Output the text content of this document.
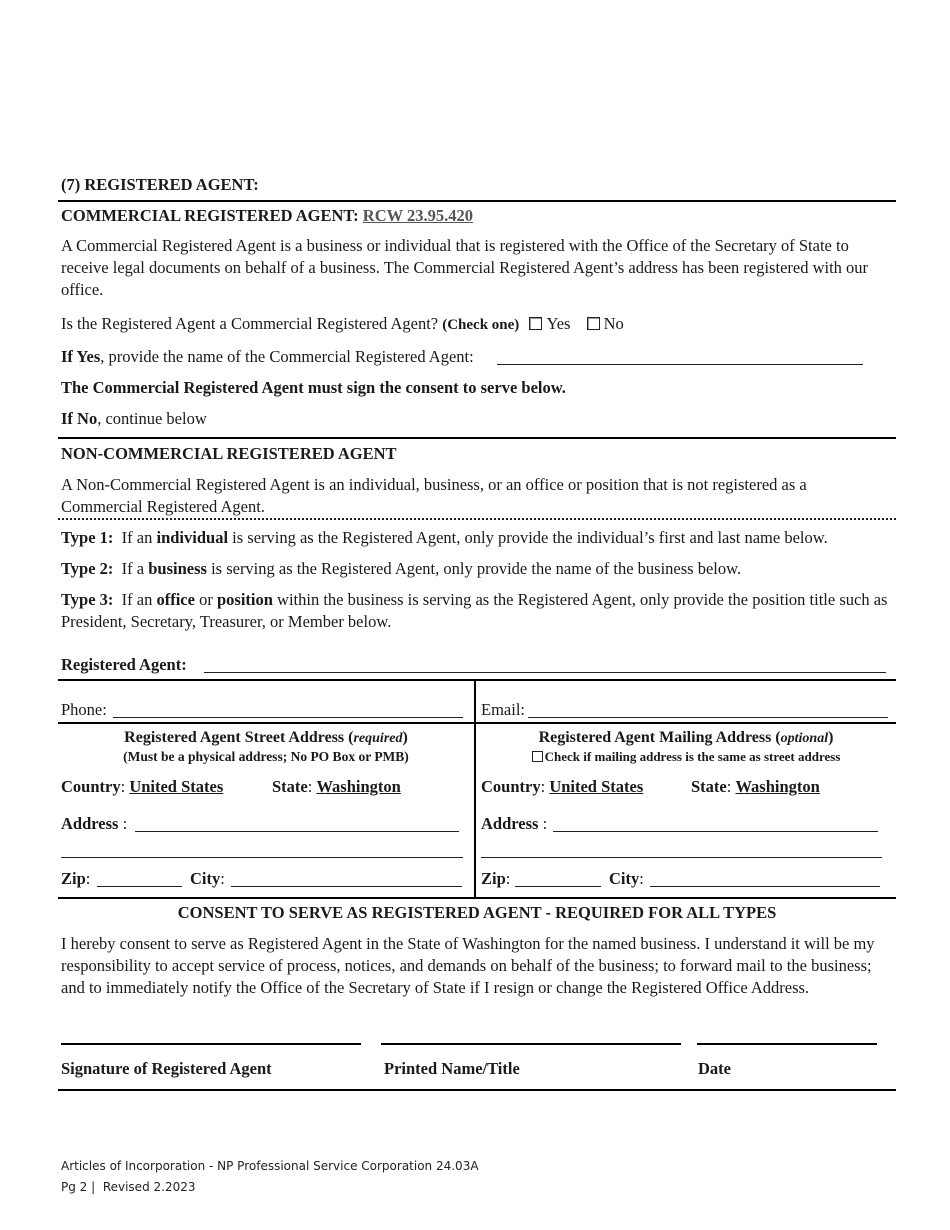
(7) REGISTERED AGENT:
COMMERCIAL REGISTERED AGENT: RCW 23.95.420
A Commercial Registered Agent is a business or individual that is registered with the Office of the Secretary of State to receive legal documents on behalf of a business. The Commercial Registered Agent’s address has been registered with our office.
Is the Registered Agent a Commercial Registered Agent? (Check one) Yes No
If Yes, provide the name of the Commercial Registered Agent:
The Commercial Registered Agent must sign the consent to serve below.
If No, continue below
NON-COMMERCIAL REGISTERED AGENT
A Non-Commercial Registered Agent is an individual, business, or an office or position that is not registered as a Commercial Registered Agent.
Type 1: If an individual is serving as the Registered Agent, only provide the individual’s first and last name below.
Type 2: If a business is serving as the Registered Agent, only provide the name of the business below.
Type 3: If an office or position within the business is serving as the Registered Agent, only provide the position title such as President, Secretary, Treasurer, or Member below.
Registered Agent:
Phone:	Email:
Registered Agent Street Address (required)
(Must be a physical address; No PO Box or PMB)
Country: United States	State: Washington
Address :
Zip:	City:
Registered Agent Mailing Address (optional)
Check if mailing address is the same as street address
Country: United States	State: Washington
Address :
Zip:	City:
CONSENT TO SERVE AS REGISTERED AGENT - REQUIRED FOR ALL TYPES
I hereby consent to serve as Registered Agent in the State of Washington for the named business. I understand it will be my responsibility to accept service of process, notices, and demands on behalf of the business; to forward mail to the business; and to immediately notify the Office of the Secretary of State if I resign or change the Registered Office Address.
Signature of Registered Agent	Printed Name/Title	Date
Articles of Incorporation - NP Professional Service Corporation 24.03A
Pg 2 | Revised 2.2023
